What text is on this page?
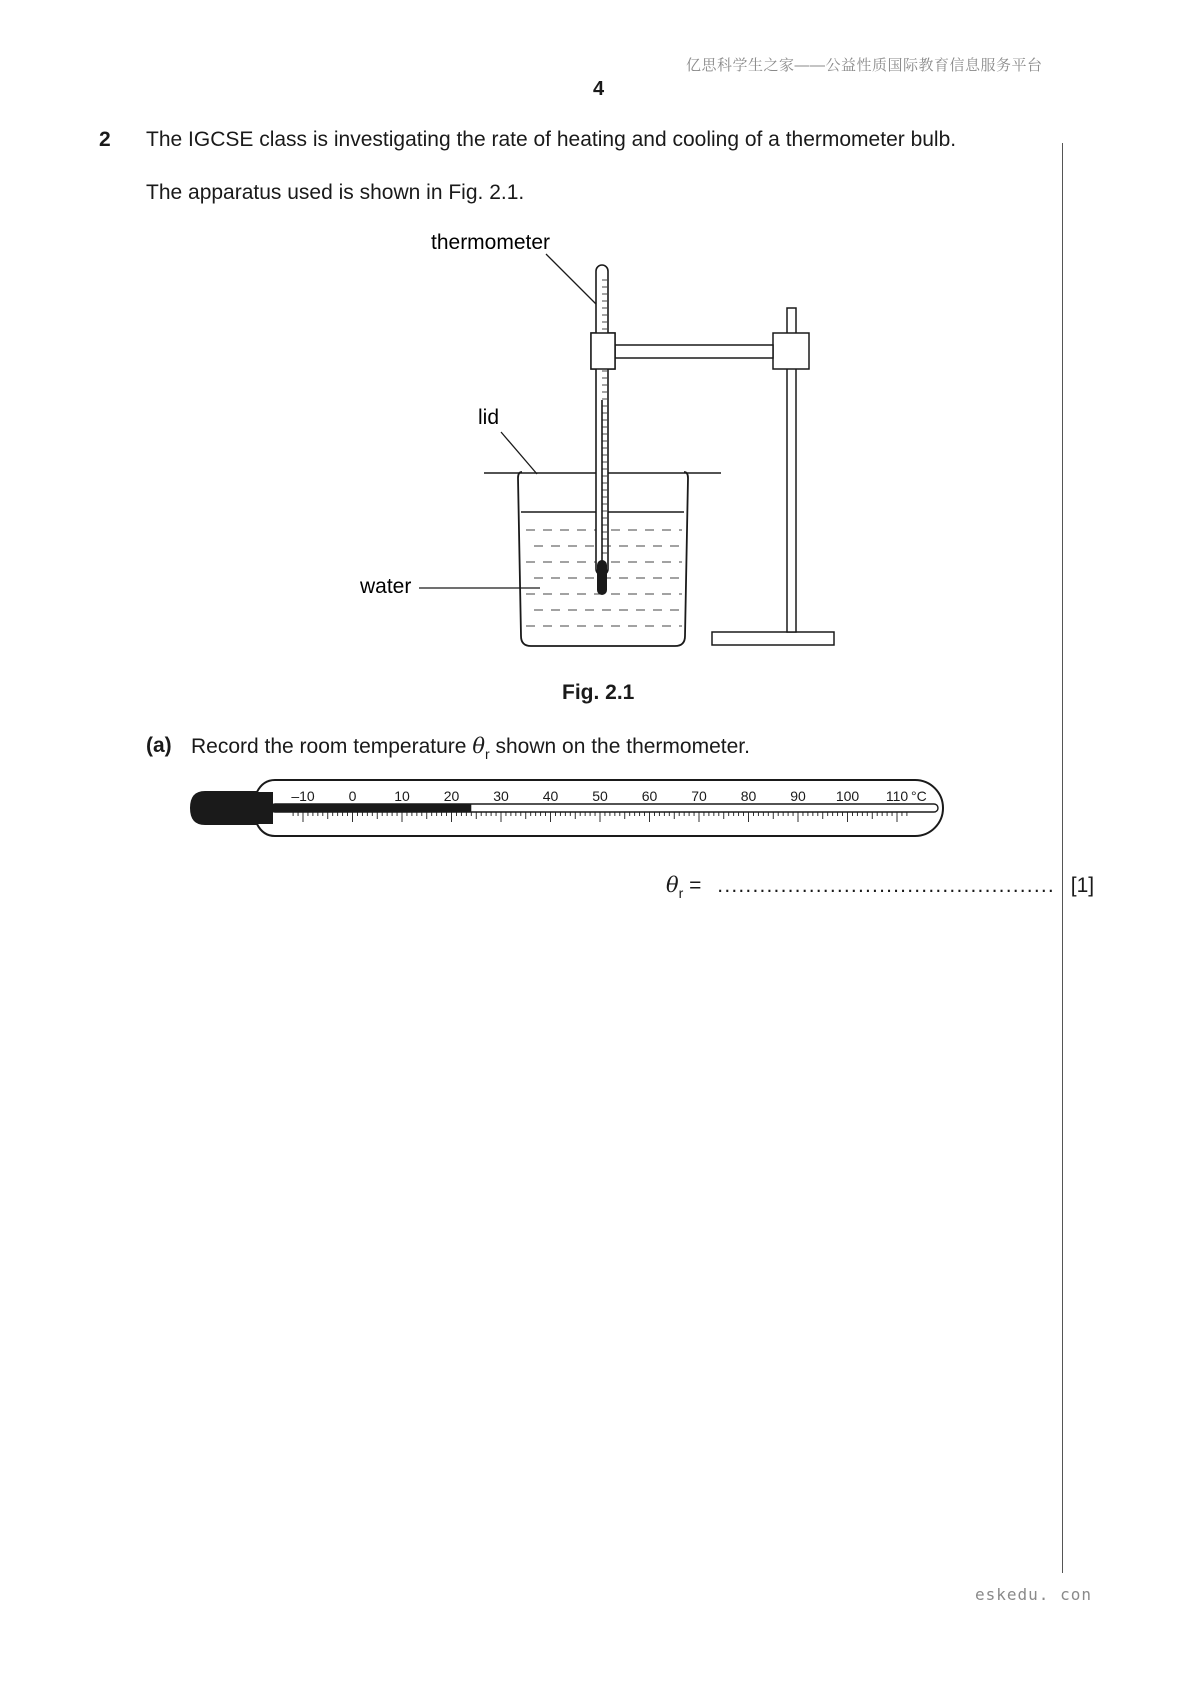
亿思科学生之家——公益性质国际教育信息服务平台
4
2 The IGCSE class is investigating the rate of heating and cooling of a thermometer bulb.
The apparatus used is shown in Fig. 2.1.
thermometer
lid
water
Fig. 2.1
(a) Record the room temperature $\theta_r$ shown on the thermometer.
–10 0	10 20 30 40 50 60 70 80 90 100 110 °C
$\theta_r$ = ................................................ [1]
eskedu. con
